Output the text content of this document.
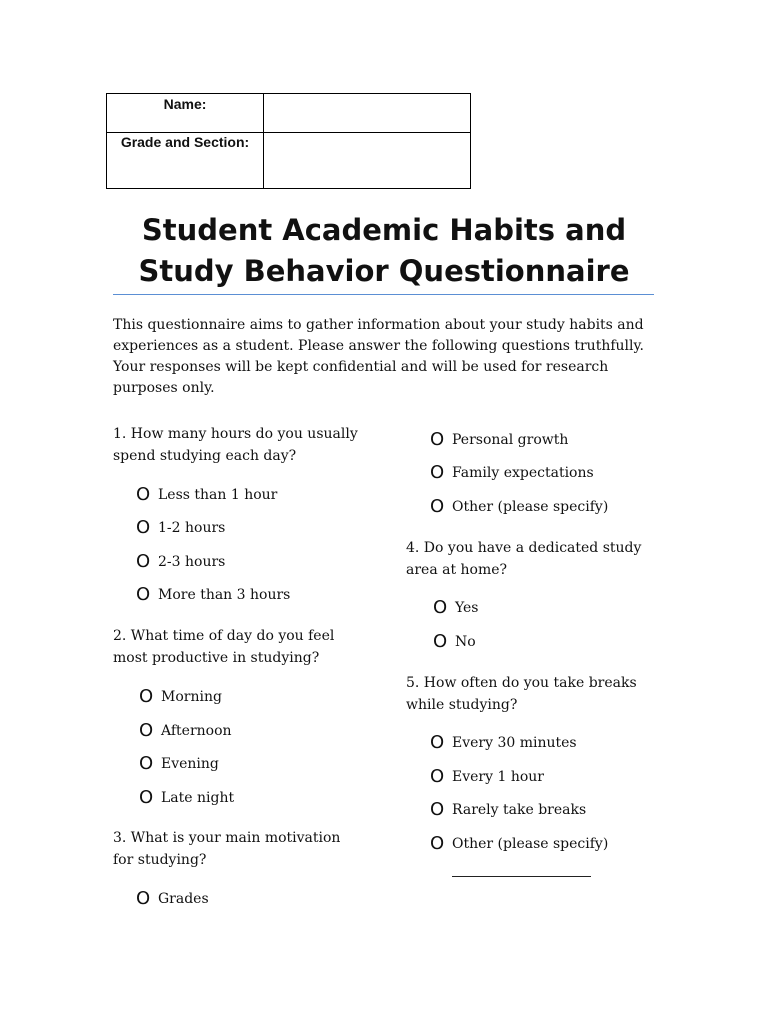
Name:	
Grade and Section:	
Student Academic Habits and Study Behavior Questionnaire

This questionnaire aims to gather information about your study habits and experiences as a student. Please answer the following questions truthfully. Your responses will be kept confidential and will be used for research purposes only.

1. How many hours do you usually spend studying each day?

O Less than 1 hour
O 1-2 hours
O 2-3 hours
O More than 3 hours

2. What time of day do you feel most productive in studying?

O Morning
O Afternoon
O Evening
O Late night

3. What is your main motivation for studying?

O Grades
O Personal growth
O Family expectations
O Other (please specify)

4. Do you have a dedicated study area at home?

O Yes
O No

5. How often do you take breaks while studying?

O Every 30 minutes
O Every 1 hour
O Rarely take breaks
O Other (please specify)
